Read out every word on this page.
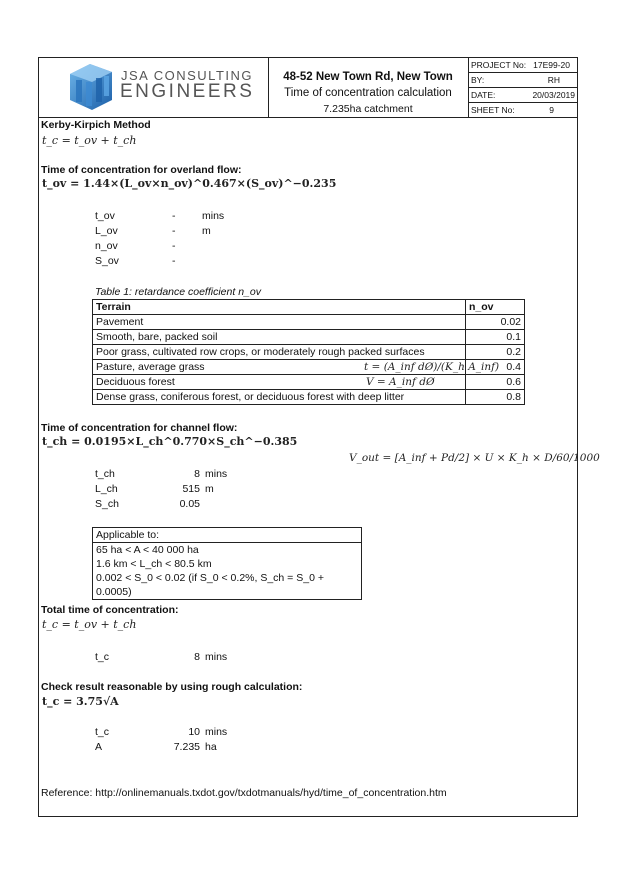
JSA CONSULTING
ENGINEERS
48-52 New Town Rd, New Town
Time of concentration calculation
7.235ha catchment
PROJECT No: 17E99-20
BY:	RH
DATE:	20/03/2019
SHEET No:	9
Kerby-Kirpich Method
t_c = t_ov + t_ch
Time of concentration for overland flow:
t_ov = 1.44×(L_ov×n_ov)^0.467×(S_ov)^−0.235
t_ov	-	mins
L_ov	-	m
n_ov	-
S_ov	-
Table 1: retardance coefficient n_ov
Terrain	n_ov
Pavement	0.02
Smooth, bare, packed soil	0.1
Poor grass, cultivated row crops, or moderately rough packed surfaces	0.2
Pasture, average grass	0.4
Deciduous forest	0.6
Dense grass, coniferous forest, or deciduous forest with deep litter	0.8
t = (A_inf dØ)/(K_h A_inf)
V = A_inf dØ
Time of concentration for channel flow:
t_ch = 0.0195×L_ch^0.770×S_ch^−0.385
V_out = [A_inf + Pd/2] × U × K_h × D/60/1000
t_ch	8 mins
L_ch	515 m
S_ch	0.05
Applicable to:
65 ha < A < 40 000 ha
1.6 km < L_ch < 80.5 km
0.002 < S_0 < 0.02 (if S_0 < 0.2%, S_ch = S_0 + 0.0005)
Total time of concentration:
t_c = t_ov + t_ch
t_c	8 mins
Check result reasonable by using rough calculation:
t_c = 3.75√A
t_c	10 mins
A	7.235 ha
Reference: http://onlinemanuals.txdot.gov/txdotmanuals/hyd/time_of_concentration.htm
